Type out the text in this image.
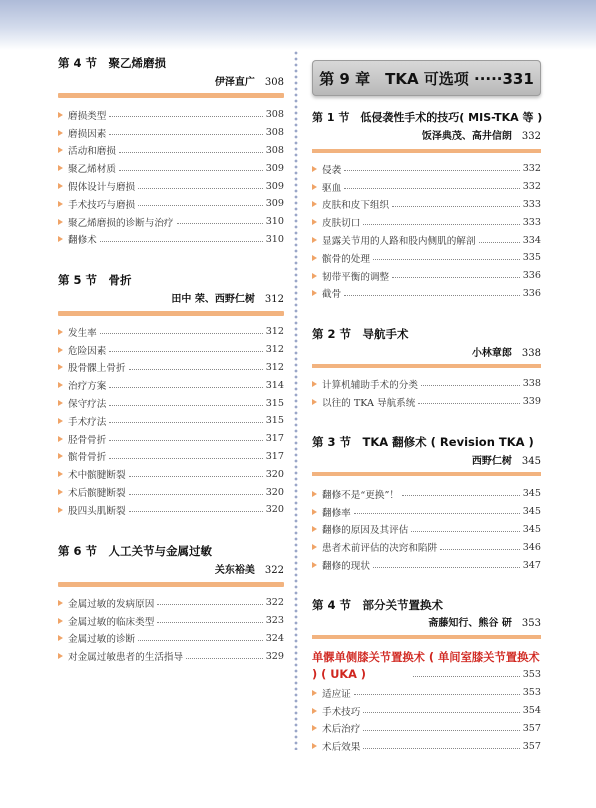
第 4 节　聚乙烯磨损
伊泽直广 308
磨损类型	308
磨损因素	308
活动和磨损	308
聚乙烯材质	309
假体设计与磨损	309
手术技巧与磨损	309
聚乙烯磨损的诊断与治疗	310
翻修术	310
第 5 节　骨折
田中 荣、西野仁树 312
发生率	312
危险因素	312
股骨髁上骨折	312
治疗方案	314
保守疗法	315
手术疗法	315
胫骨骨折	317
髌骨骨折	317
术中髌腱断裂	320
术后髌腱断裂	320
股四头肌断裂	320
第 6 节　人工关节与金属过敏
关东裕美 322
金属过敏的发病原因	322
金属过敏的临床类型	323
金属过敏的诊断	324
对金属过敏患者的生活指导	329
第 9 章　TKA 可选项 ·····331
第 1 节　低侵袭性手术的技巧( MIS-TKA 等 )
饭泽典茂、高井信朗 332
侵袭	332
驱血	332
皮肤和皮下组织	333
皮肤切口	333
显露关节用的人路和股内侧肌的解剖	334
髌骨的处理	335
韧带平衡的调整	336
截骨	336
第 2 节　导航手术
小林章郎 338
计算机辅助手术的分类	338
以往的 TKA 导航系统	339
第 3 节　TKA 翻修术 ( Revision TKA )
西野仁树 345
翻修不是“更换”！	345
翻修率	345
翻修的原因及其评估	345
患者术前评估的决窍和陷阱	346
翻修的现状	347
第 4 节　部分关节置换术
斋藤知行、熊谷 研 353
单髁单侧膝关节置换术 ( 单间室膝关节置换术 ) ( UKA )	353
适应证	353
手术技巧	354
术后治疗	357
术后效果	357
